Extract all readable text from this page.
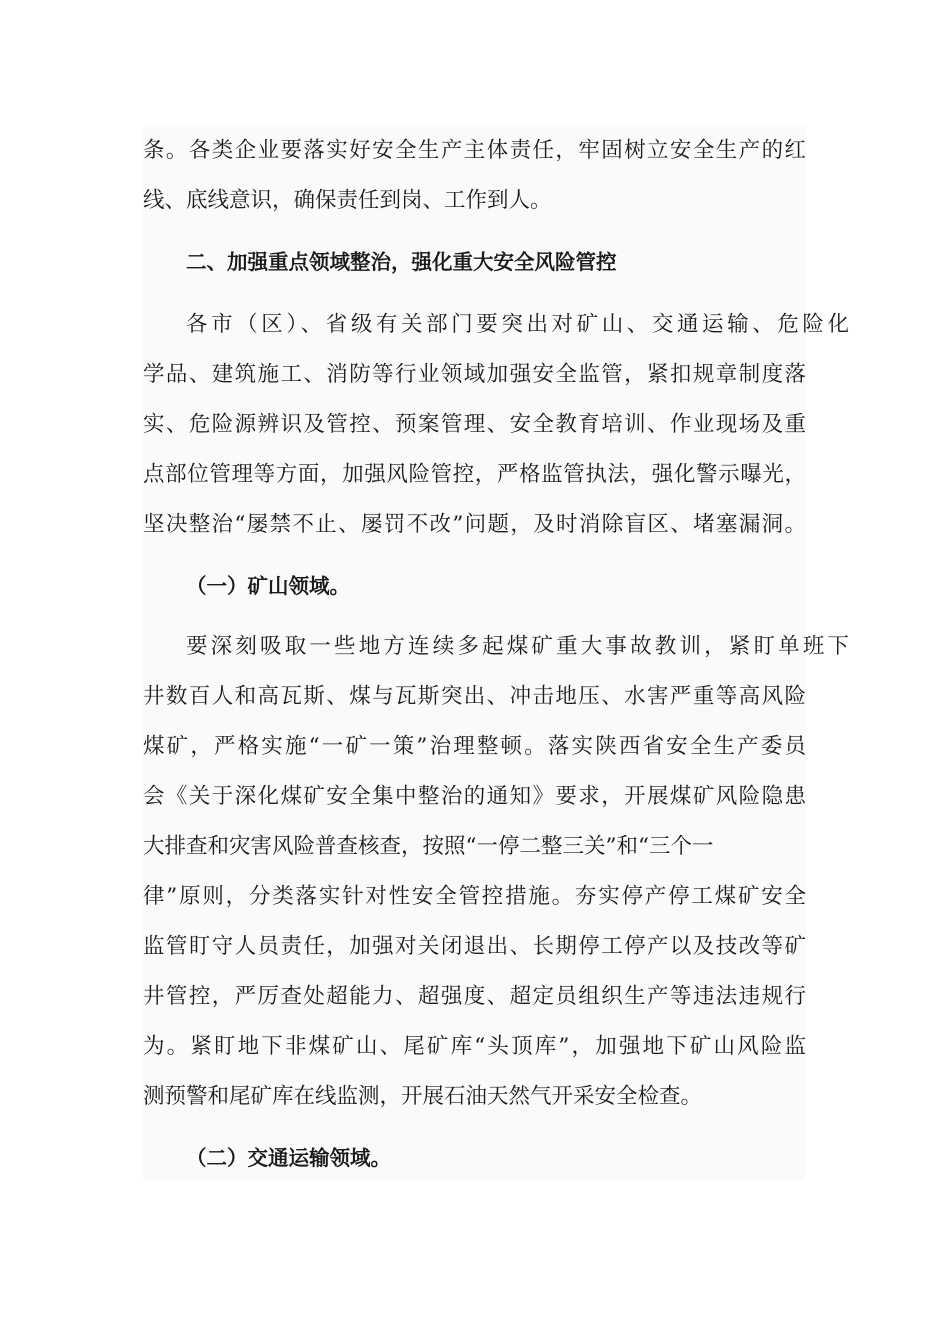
条。各类企业要落实好安全生产主体责任，牢固树立安全生产的红
线、底线意识，确保责任到岗、工作到人。
二、加强重点领域整治，强化重大安全风险管控
各市（区）、省级有关部门要突出对矿山、交通运输、危险化
学品、建筑施工、消防等行业领域加强安全监管，紧扣规章制度落
实、危险源辨识及管控、预案管理、安全教育培训、作业现场及重
点部位管理等方面，加强风险管控，严格监管执法，强化警示曝光，
坚决整治“屡禁不止、屡罚不改”问题，及时消除盲区、堵塞漏洞。
（一）矿山领域。
要深刻吸取一些地方连续多起煤矿重大事故教训，紧盯单班下
井数百人和高瓦斯、煤与瓦斯突出、冲击地压、水害严重等高风险
煤矿，严格实施“一矿一策”治理整顿。落实陕西省安全生产委员
会《关于深化煤矿安全集中整治的通知》要求，开展煤矿风险隐患
大排查和灾害风险普查核查，按照“一停二整三关”和“三个一
律”原则，分类落实针对性安全管控措施。夯实停产停工煤矿安全
监管盯守人员责任，加强对关闭退出、长期停工停产以及技改等矿
井管控，严厉查处超能力、超强度、超定员组织生产等违法违规行
为。紧盯地下非煤矿山、尾矿库“头顶库”，加强地下矿山风险监
测预警和尾矿库在线监测，开展石油天然气开采安全检查。
（二）交通运输领域。
